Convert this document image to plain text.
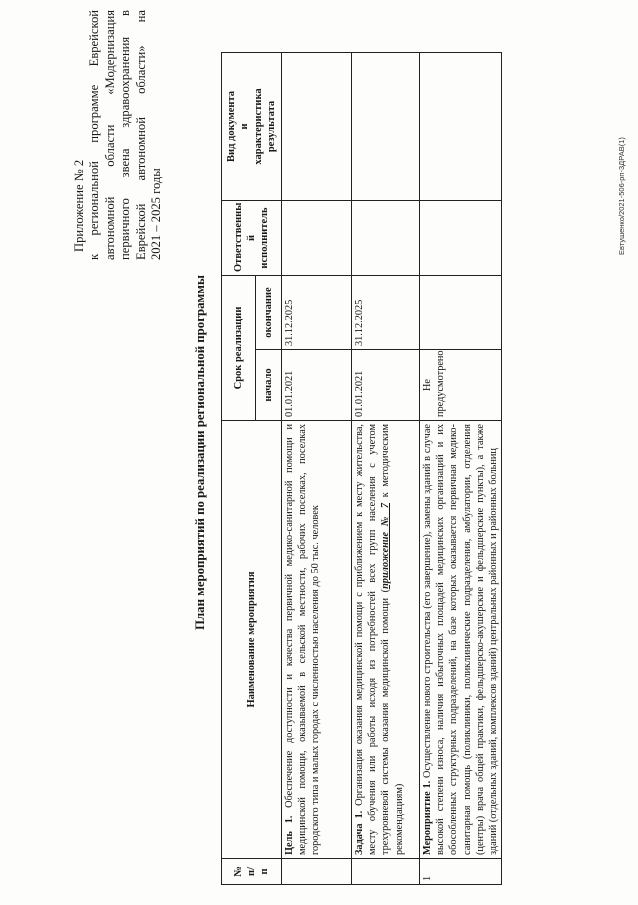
Приложение № 2 к региональной программе Еврейской автономной области «Модернизация первичного звена здравоохранения в Еврейской автономной области» на 2021 – 2025 годы
План мероприятий по реализации региональной программы
№ п/ п	Наименование мероприятия	Срок реализации		Ответственны й исполнитель	Вид документа и характеристика результата

		начало	окончание		
	Цель 1. Обеспечение доступности и качества первичной медико-санитарной помощи и медицинской помощи, оказываемой в сельской местности, рабочих поселках, поселках городского типа и малых городах с численностью населения до 50 тыс. человек	01.01.2021	31.12.2025		
	Задача 1. Организация оказания медицинской помощи с приближением к месту жительства, месту обучения или работы исходя из потребностей всех групп населения с учетом трехуровневой системы оказания медицинской помощи (приложение № 7 к методическим рекомендациям)	01.01.2021	31.12.2025		
1	Мероприятие 1. Осуществление нового строительства (его завершение), замены зданий в случае высокой степени износа, наличия избыточных площадей медицинских организаций и их обособленных структурных подразделений, на базе которых оказывается первичная медико-санитарная помощь (поликлиники, поликлинические подразделения, амбулатории, отделения (центры) врача общей практики, фельдшерско-акушерские и фельдшерские пункты), а также зданий (отдельных зданий, комплексов зданий) центральных районных и районных больниц	Не предусмотрено			
Евтушенко/2021-506-рп-3ДРАВ(1)
